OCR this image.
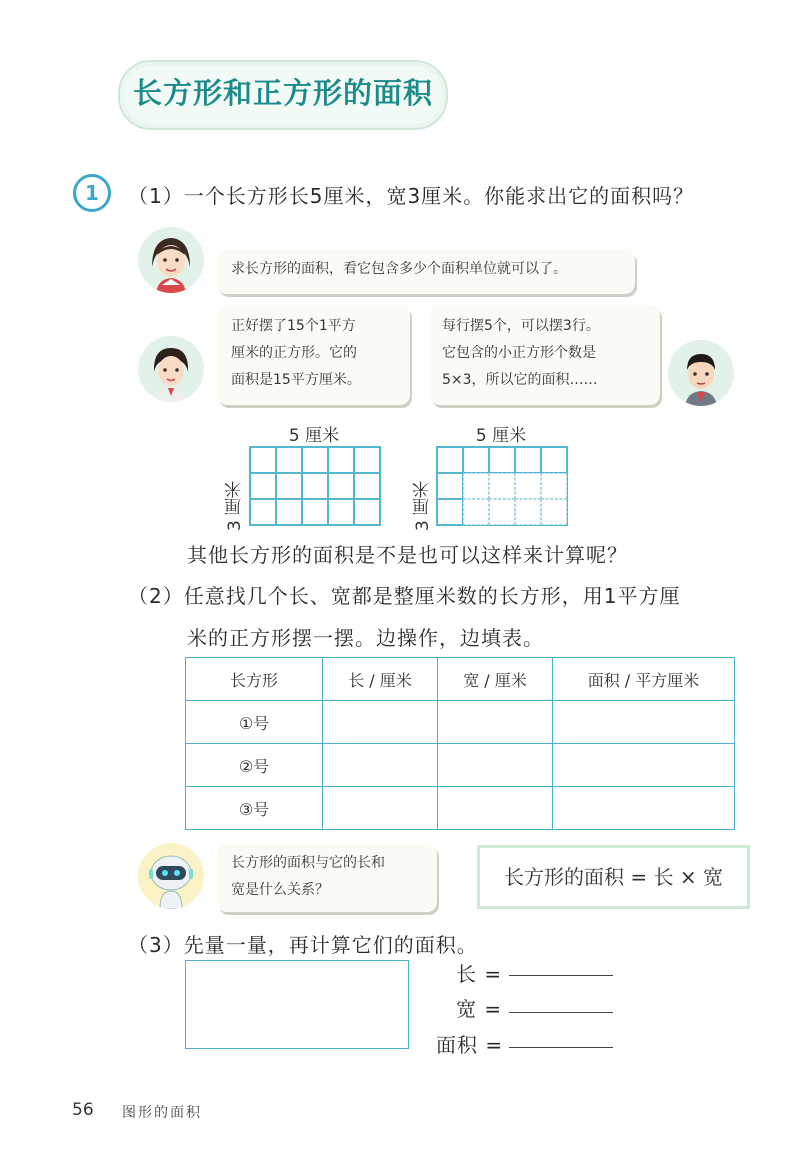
长方形和正方形的面积
1	（1）一个长方形长5厘米，宽3厘米。你能求出它的面积吗？
求长方形的面积，看它包含多少个面积单位就可以了。
正好摆了15个1平方
厘米的正方形。它的
面积是15平方厘米。
每行摆5个，可以摆3行。
它包含的小正方形个数是
5×3，所以它的面积……
5 厘米
3 厘米
5 厘米
3 厘米
其他长方形的面积是不是也可以这样来计算呢？
（2）任意找几个长、宽都是整厘米数的长方形，用1平方厘
米的正方形摆一摆。边操作，边填表。
长方形	长 / 厘米	宽 / 厘米	面积 / 平方厘米
①号			
②号			
③号			
长方形的面积与它的长和
宽是什么关系？
长方形的面积 = 长 × 宽
（3）先量一量，再计算它们的面积。
长 =
宽 =
面积 =
56 图形的面积
